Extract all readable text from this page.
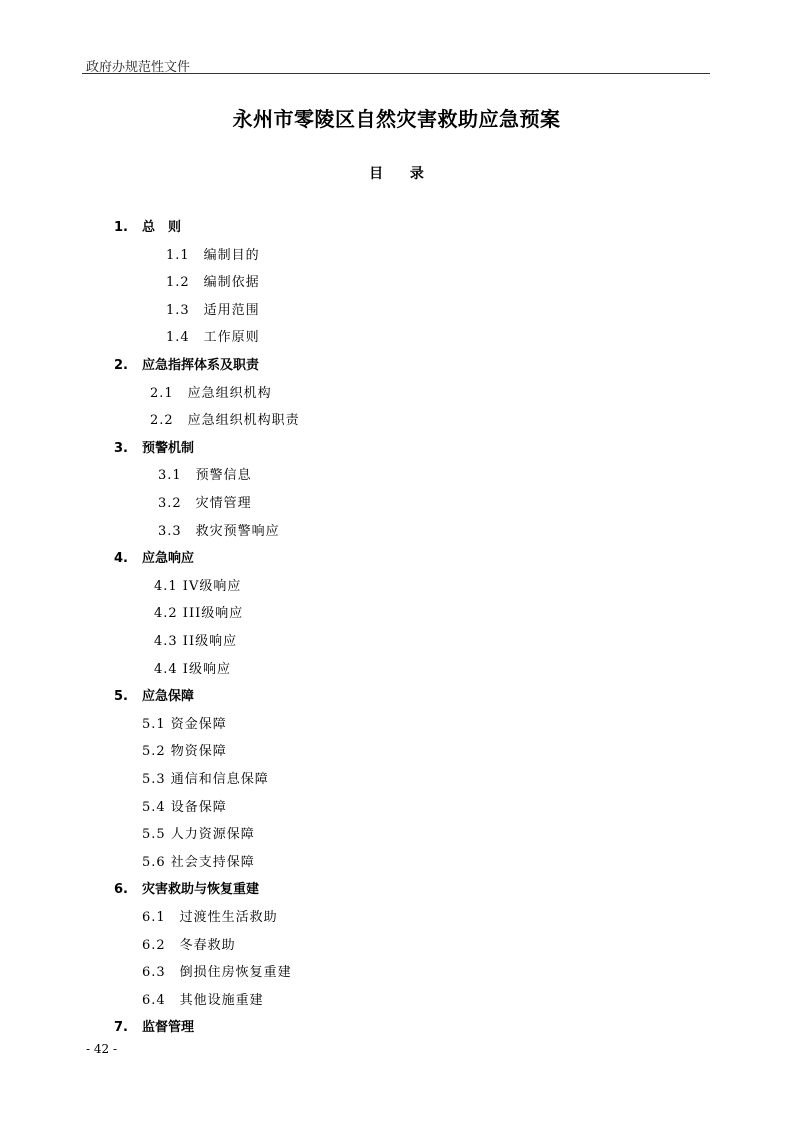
政府办规范性文件
永州市零陵区自然灾害救助应急预案
目 录
1. 总　则
1.1　编制目的
1.2　编制依据
1.3　适用范围
1.4　工作原则
2. 应急指挥体系及职责
2.1　应急组织机构
2.2　应急组织机构职责
3. 预警机制
3.1　预警信息
3.2　灾情管理
3.3　救灾预警响应
4. 应急响应
4.1 IV级响应
4.2 III级响应
4.3 II级响应
4.4 I级响应
5. 应急保障
5.1 资金保障
5.2 物资保障
5.3 通信和信息保障
5.4 设备保障
5.5 人力资源保障
5.6 社会支持保障
6. 灾害救助与恢复重建
6.1　过渡性生活救助
6.2　冬春救助
6.3　倒损住房恢复重建
6.4　其他设施重建
7. 监督管理
- 42 -
